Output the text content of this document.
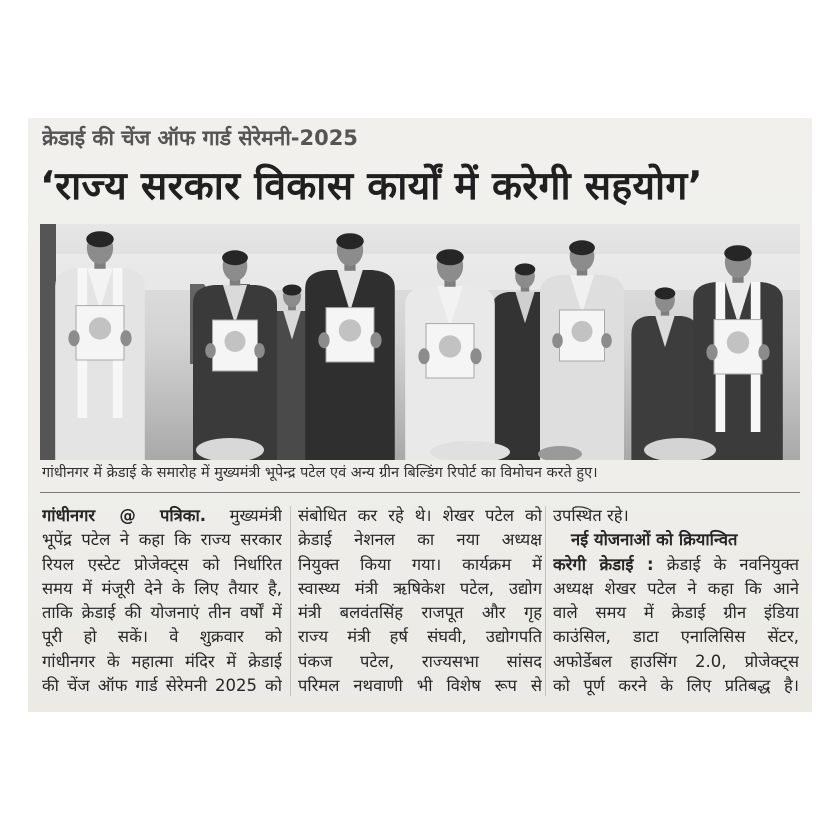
क्रेडाई की चेंज ऑफ गार्ड सेरेमनी-2025
‘राज्य सरकार विकास कार्यों में करेगी सहयोग’
गांधीनगर में क्रेडाई के समारोह में मुख्यमंत्री भूपेन्द्र पटेल एवं अन्य ग्रीन बिल्डिंग रिपोर्ट का विमोचन करते हुए।
गांधीनगर @ पत्रिका. मुख्यमंत्री
भूपेंद्र पटेल ने कहा कि राज्य सरकार
रियल एस्टेट प्रोजेक्ट्स को निर्धारित
समय में मंजूरी देने के लिए तैयार है,
ताकि क्रेडाई की योजनाएं तीन वर्षों में
पूरी हो सकें। वे शुक्रवार को
गांधीनगर के महात्मा मंदिर में क्रेडाई
की चेंज ऑफ गार्ड सेरेमनी 2025 को
संबोधित कर रहे थे। शेखर पटेल को
क्रेडाई नेशनल का नया अध्यक्ष
नियुक्त किया गया। कार्यक्रम में
स्वास्थ्य मंत्री ऋषिकेश पटेल, उद्योग
मंत्री बलवंतसिंह राजपूत और गृह
राज्य मंत्री हर्ष संघवी, उद्योगपति
पंकज पटेल, राज्यसभा सांसद
परिमल नथवाणी भी विशेष रूप से
उपस्थित रहे।
नई योजनाओं को क्रियान्वित
करेगी क्रेडाई : क्रेडाई के नवनियुक्त
अध्यक्ष शेखर पटेल ने कहा कि आने
वाले समय में क्रेडाई ग्रीन इंडिया
काउंसिल, डाटा एनालिसिस सेंटर,
अफोर्डेबल हाउसिंग 2.0, प्रोजेक्ट्स
को पूर्ण करने के लिए प्रतिबद्ध है।
